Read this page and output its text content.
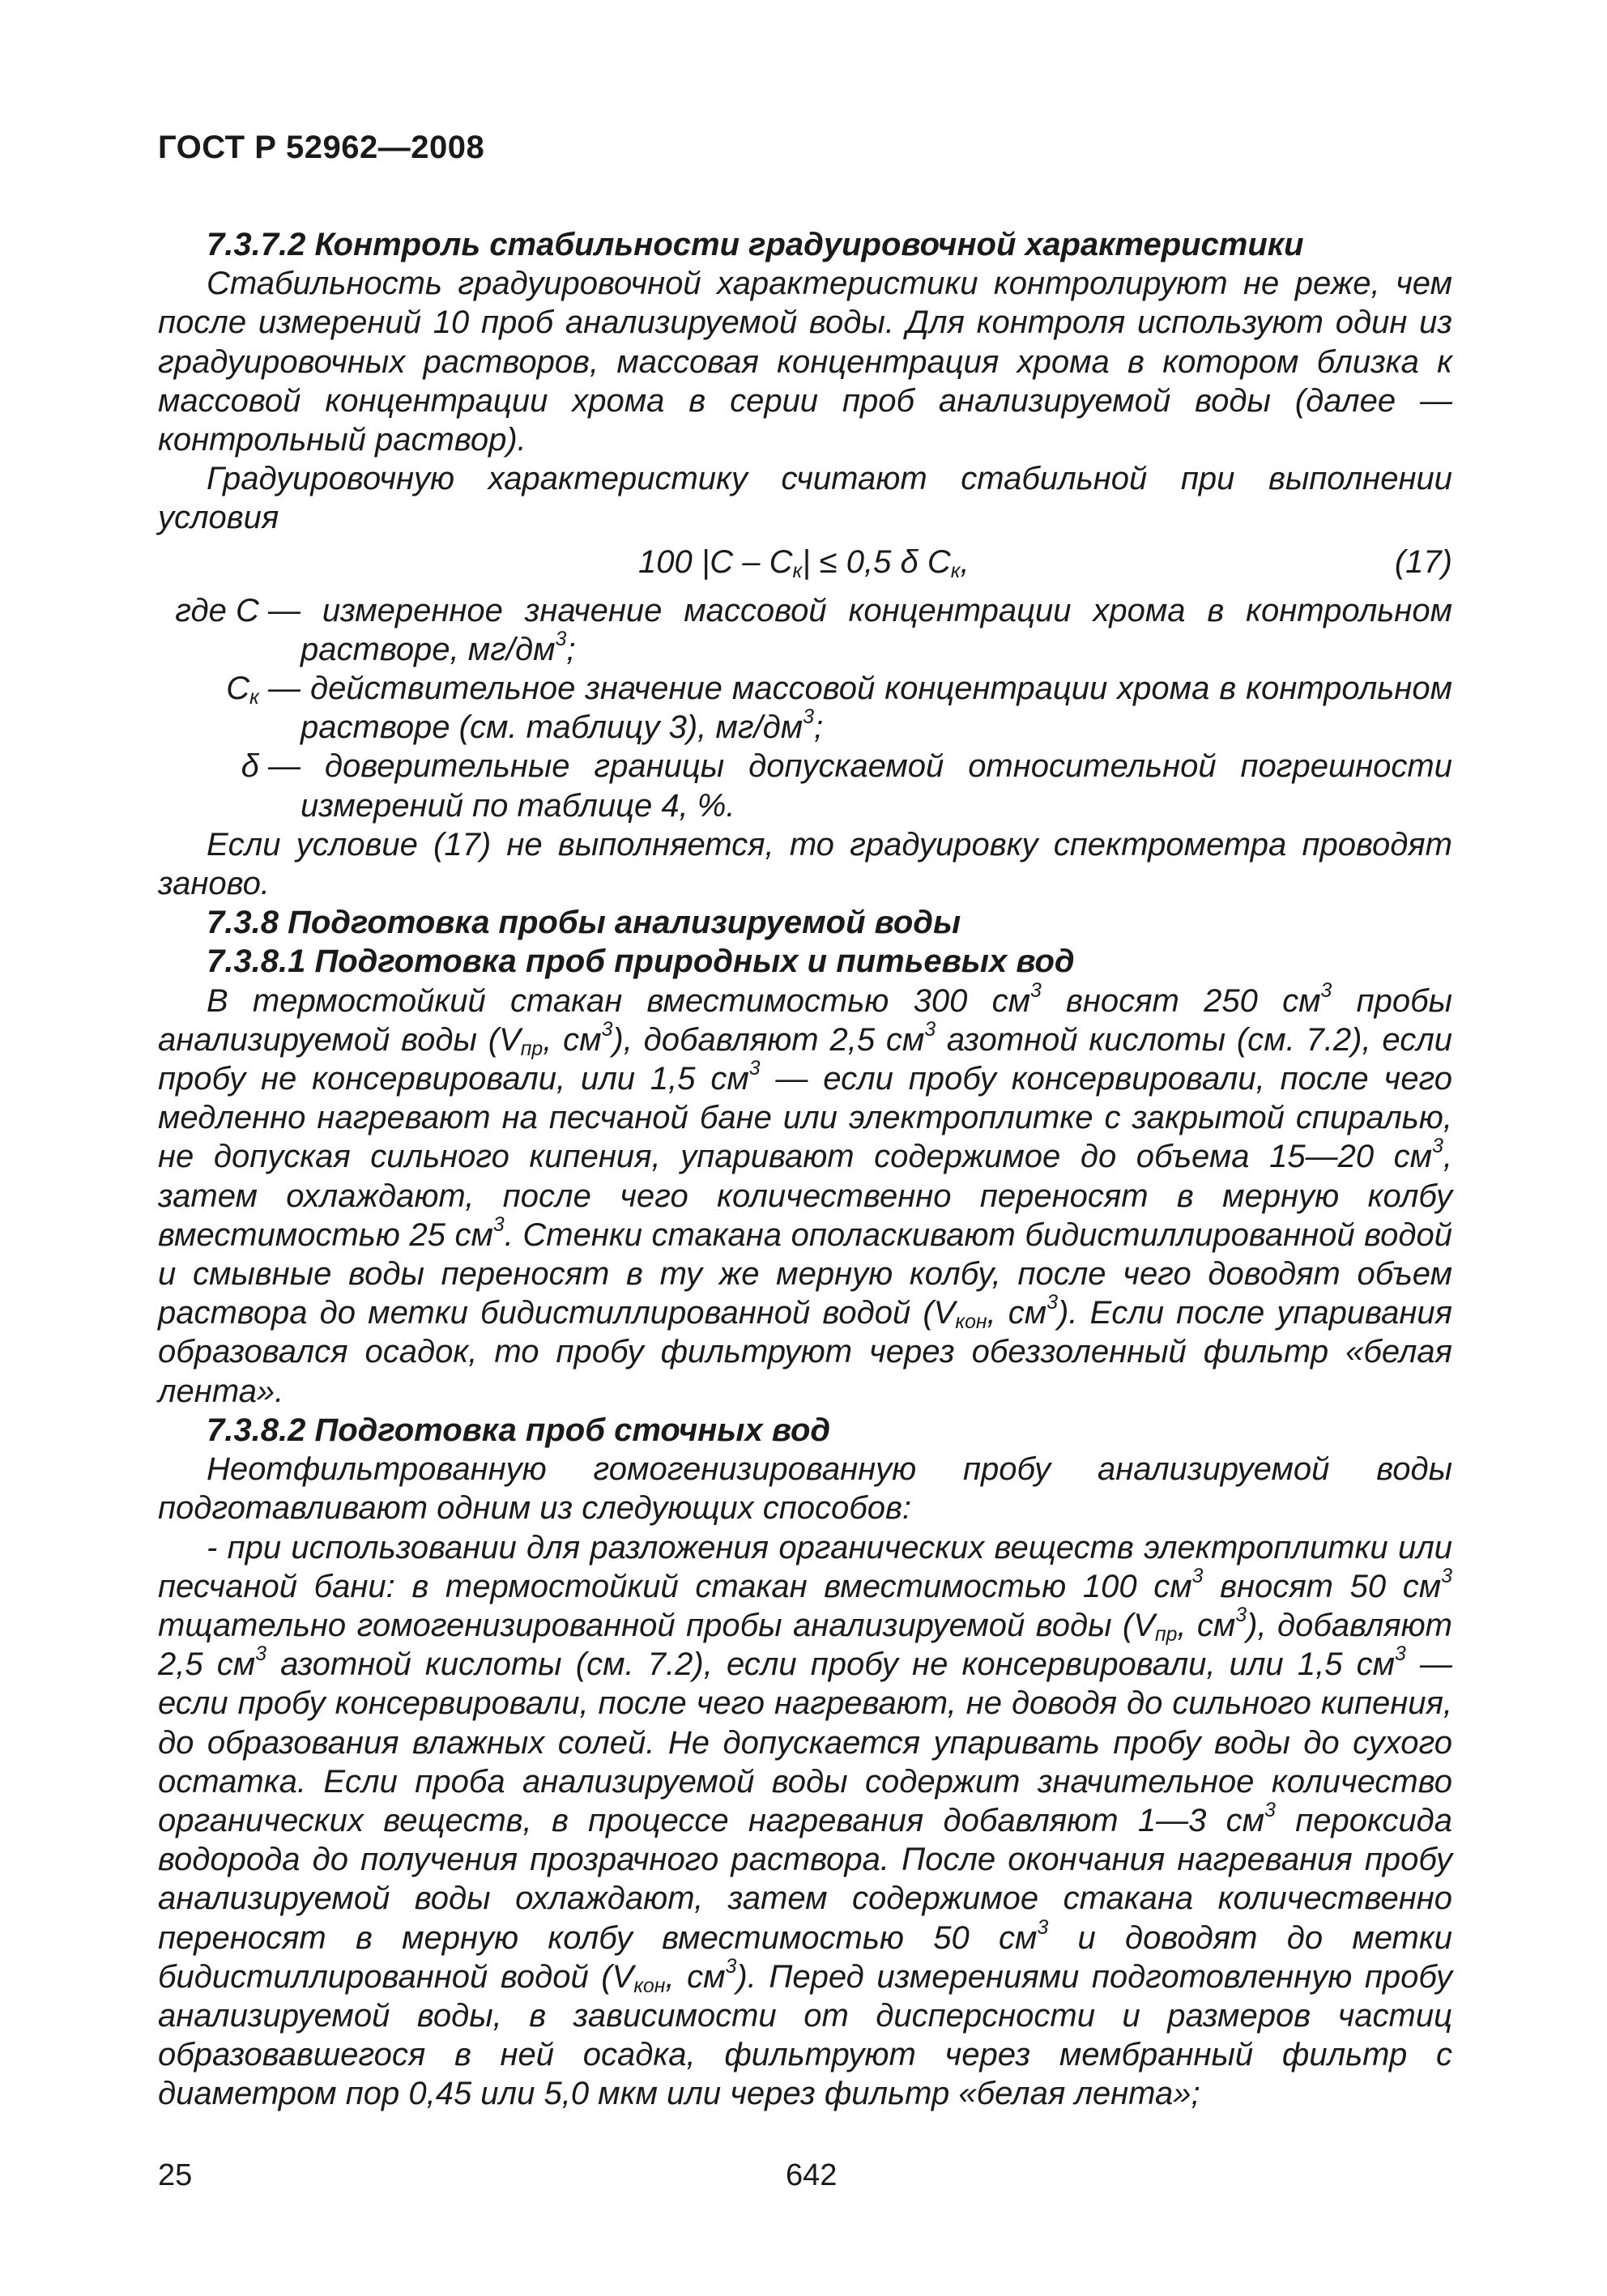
ГОСТ Р 52962—2008

7.3.7.2 Контроль стабильности градуировочной характеристики

Стабильность градуировочной характеристики контролируют не реже, чем после измерений 10 проб анализируемой воды. Для контроля используют один из градуировочных растворов, массовая концентрация хрома в котором близка к массовой концентрации хрома в серии проб анализируемой воды (далее — контрольный раствор).

Градуировочную характеристику считают стабильной при выполнении условия

100 $|C - C_к| \le 0,5$ δ $C_к$,	(17)
где C — измеренное значение массовой концентрации хрома в контрольном растворе, $мг/дм^3$;
$C_к$ — действительное значение массовой концентрации хрома в контрольном растворе (см. таблицу 3), $мг/дм^3$;
δ — доверительные границы допускаемой относительной погрешности измерений по таблице 4, %.

Если условие (17) не выполняется, то градуировку спектрометра проводят заново.

7.3.8 Подготовка пробы анализируемой воды

7.3.8.1 Подготовка проб природных и питьевых вод

В термостойкий стакан вместимостью 300 $см^3$ вносят 250 $см^3$ пробы анализируемой воды ($V_{пр}$, $см^3$), добавляют 2,5 $см^3$ азотной кислоты (см. 7.2), если пробу не консервировали, или 1,5 $см^3$ — если пробу консервировали, после чего медленно нагревают на песчаной бане или электроплитке с закрытой спиралью, не допуская сильного кипения, упаривают содержимое до объема 15—20 $см^3$, затем охлаждают, после чего количественно переносят в мерную колбу вместимостью 25 $см^3$. Стенки стакана ополаскивают бидистиллированной водой и смывные воды переносят в ту же мерную колбу, после чего доводят объем раствора до метки бидистиллированной водой ($V_{кон}$, $см^3$). Если после упаривания образовался осадок, то пробу фильтруют через обеззоленный фильтр «белая лента».

7.3.8.2 Подготовка проб сточных вод

Неотфильтрованную гомогенизированную пробу анализируемой воды подготавливают одним из следующих способов:

- при использовании для разложения органических веществ электроплитки или песчаной бани: в термостойкий стакан вместимостью 100 $см^3$ вносят 50 $см^3$ тщательно гомогенизированной пробы анализируемой воды ($V_{пр}$, $см^3$), добавляют 2,5 $см^3$ азотной кислоты (см. 7.2), если пробу не консервировали, или 1,5 $см^3$ — если пробу консервировали, после чего нагревают, не доводя до сильного кипения, до образования влажных солей. Не допускается упаривать пробу воды до сухого остатка. Если проба анализируемой воды содержит значительное количество органических веществ, в процессе нагревания добавляют 1—3 $см^3$ пероксида водорода до получения прозрачного раствора. После окончания нагревания пробу анализируемой воды охлаждают, затем содержимое стакана количественно переносят в мерную колбу вместимостью 50 $см^3$ и доводят до метки бидистиллированной водой ($V_{кон}$, $см^3$). Перед измерениями подготовленную пробу анализируемой воды, в зависимости от дисперсности и размеров частиц образовавшегося в ней осадка, фильтруют через мембранный фильтр с диаметром пор 0,45 или 5,0 мкм или через фильтр «белая лента»;

25	642
